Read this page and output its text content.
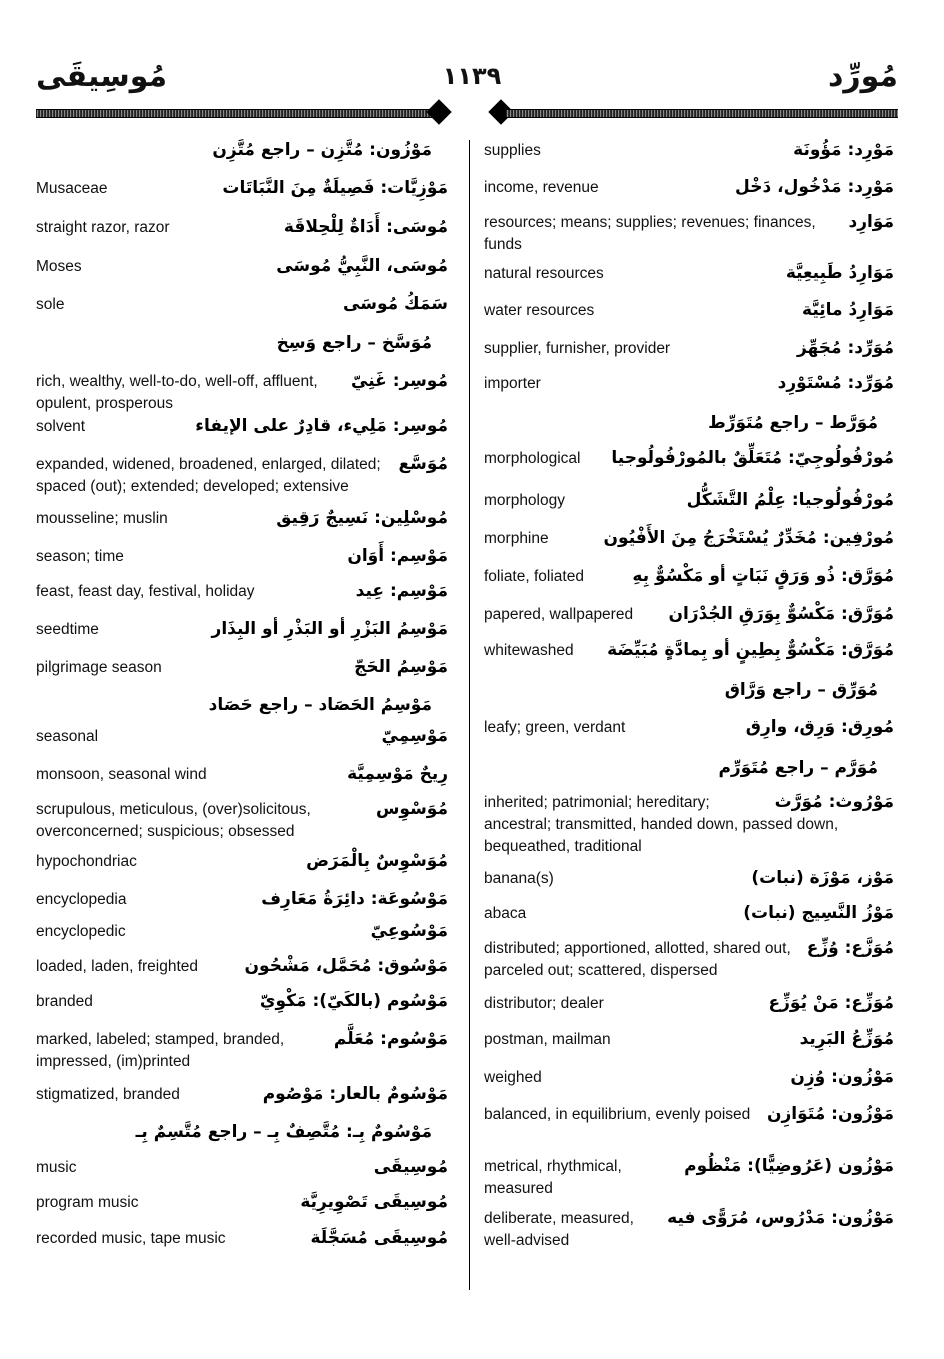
مُوسِيقَى	١١٣٩	مُورِّد
مَوْزُون: مُتَّزِن – راجع مُتَّزِن
مَوْزِيَّات: فَصِيلَةٌ مِنَ النَّبَاتَات
Musaceae
مُوسَى: أَدَاةٌ لِلْحِلاقَة
straight razor, razor
مُوسَى، النَّبِيُّ مُوسَى
Moses
سَمَكُ مُوسَى
sole
مُوَسَّخ – راجع وَسِخ
مُوسِر: غَنِيّ
rich, wealthy, well-to-do, well-off, affluent, opulent, prosperous
مُوسِر: مَلِيء، قادِرٌ على الإيفاء
solvent
مُوَسَّع
expanded, widened, broadened, enlarged, dilated; spaced (out); extended; developed; extensive
مُوسْلِين: نَسِيجٌ رَقِيق
mousseline; muslin
مَوْسِم: أَوَان
season; time
مَوْسِم: عِيد
feast, feast day, festival, holiday
مَوْسِمُ البَزْرِ أو البَذْرِ أو البِذَار
seedtime
مَوْسِمُ الحَجّ
pilgrimage season
مَوْسِمُ الحَصَاد – راجع حَصَاد
مَوْسِمِيّ
seasonal
رِيحٌ مَوْسِمِيَّة
monsoon, seasonal wind
مُوَسْوِس
scrupulous, meticulous, (over)solicitous, overconcerned; suspicious; obsessed
مُوَسْوِسٌ بِالْمَرَض
hypochondriac
مَوْسُوعَة: دائِرَةُ مَعَارِف
encyclopedia
مَوْسُوعِيّ
encyclopedic
مَوْسُوق: مُحَمَّل، مَشْحُون
loaded, laden, freighted
مَوْسُوم (بالكَيّ): مَكْوِيّ
branded
مَوْسُوم: مُعَلَّم
marked, labeled; stamped, branded, impressed, (im)printed
مَوْسُومٌ بالعار: مَوْصُوم
stigmatized, branded
مَوْسُومٌ بِـ: مُتَّصِفٌ بِـ – راجع مُتَّسِمٌ بِـ
مُوسِيقَى
music
مُوسِيقَى تَصْوِيرِيَّة
program music
مُوسِيقَى مُسَجَّلَة
recorded music, tape music
مَوْرِد: مَؤُونَة
supplies
مَوْرِد: مَدْخُول، دَخْل
income, revenue
مَوَارِد
resources; means; supplies; revenues; finances, funds
مَوَارِدُ طَبِيعِيَّة
natural resources
مَوَارِدُ مائِيَّة
water resources
مُوَرِّد: مُجَهِّز
supplier, furnisher, provider
مُوَرِّد: مُسْتَوْرِد
importer
مُوَرَّط – راجع مُتَوَرِّط
مُورْفُولُوجِيّ: مُتَعَلِّقٌ بالمُورْفُولُوجيا
morphological
مُورْفُولُوجيا: عِلْمُ التَّشَكُّل
morphology
مُورْفِين: مُخَدِّرٌ يُسْتَخْرَجُ مِنَ الأَفْيُون
morphine
مُوَرَّق: ذُو وَرَقٍ نَبَاتٍ أو مَكْسُوٌّ بِهِ
foliate, foliated
مُوَرَّق: مَكْسُوٌّ بِوَرَقِ الجُدْرَان
papered, wallpapered
مُوَرَّق: مَكْسُوٌّ بِطِينٍ أو بِمادَّةٍ مُبَيِّضَة
whitewashed
مُوَرِّق – راجع وَرَّاق
مُورِق: وَرِق، وارِق
leafy; green, verdant
مُوَرَّم – راجع مُتَوَرِّم
مَوْرُوث: مُوَرَّث
inherited; patrimonial; hereditary; ancestral; transmitted, handed down, passed down, bequeathed, traditional
مَوْز، مَوْزَة (نبات)
banana(s)
مَوْزُ النَّسِيج (نبات)
abaca
مُوَزَّع: وُزِّع
distributed; apportioned, allotted, shared out, parceled out; scattered, dispersed
مُوَزِّع: مَنْ يُوَزِّع
distributor; dealer
مُوَزِّعُ البَرِيد
postman, mailman
مَوْزُون: وُزِن
weighed
مَوْزُون: مُتَوَازِن
balanced, in equilibrium, evenly poised
مَوْزُون (عَرُوضِيًّا): مَنْظُوم
metrical, rhythmical, measured
مَوْزُون: مَدْرُوس، مُرَوًّى فيه
deliberate, measured, well-advised
